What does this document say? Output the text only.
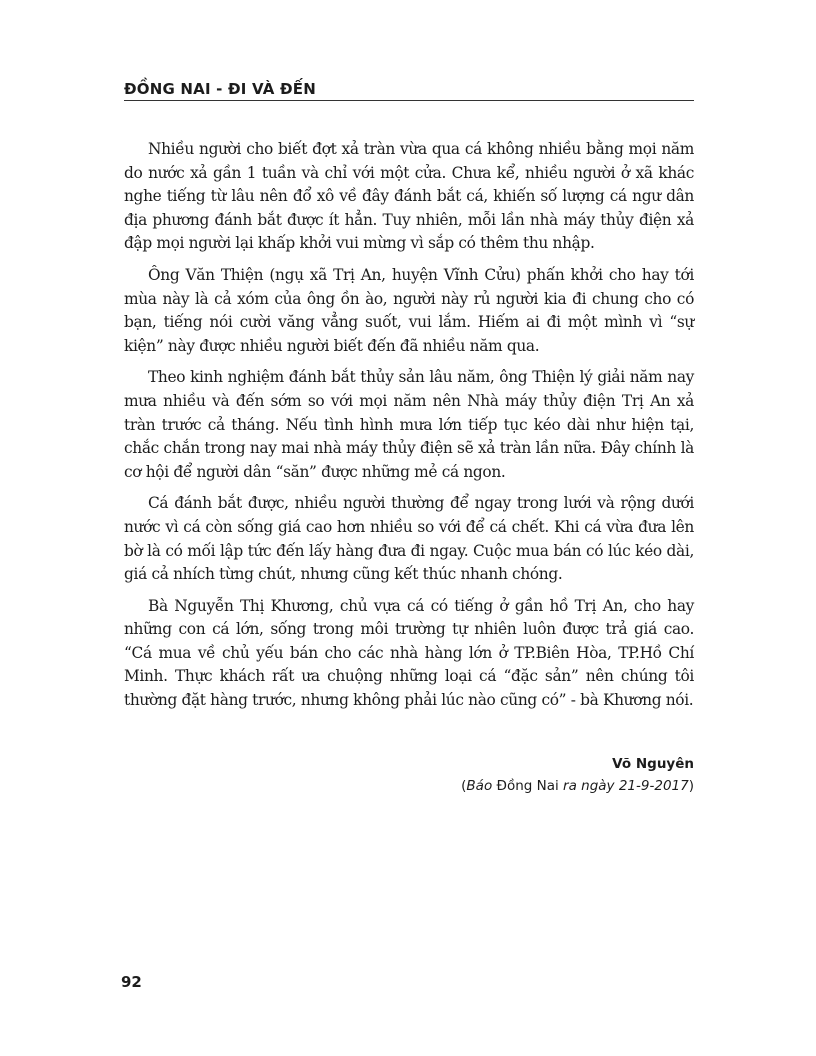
ĐỒNG NAI - ĐI VÀ ĐẾN

Nhiều người cho biết đợt xả tràn vừa qua cá không nhiều bằng mọi năm do nước xả gần 1 tuần và chỉ với một cửa. Chưa kể, nhiều người ở xã khác nghe tiếng từ lâu nên đổ xô về đây đánh bắt cá, khiến số lượng cá ngư dân địa phương đánh bắt được ít hẳn. Tuy nhiên, mỗi lần nhà máy thủy điện xả đập mọi người lại khấp khởi vui mừng vì sắp có thêm thu nhập.

Ông Văn Thiện (ngụ xã Trị An, huyện Vĩnh Cửu) phấn khởi cho hay tới mùa này là cả xóm của ông ồn ào, người này rủ người kia đi chung cho có bạn, tiếng nói cười văng vẳng suốt, vui lắm. Hiếm ai đi một mình vì “sự kiện” này được nhiều người biết đến đã nhiều năm qua.

Theo kinh nghiệm đánh bắt thủy sản lâu năm, ông Thiện lý giải năm nay mưa nhiều và đến sớm so với mọi năm nên Nhà máy thủy điện Trị An xả tràn trước cả tháng. Nếu tình hình mưa lớn tiếp tục kéo dài như hiện tại, chắc chắn trong nay mai nhà máy thủy điện sẽ xả tràn lần nữa. Đây chính là cơ hội để người dân “săn” được những mẻ cá ngon.

Cá đánh bắt được, nhiều người thường để ngay trong lưới và rộng dưới nước vì cá còn sống giá cao hơn nhiều so với để cá chết. Khi cá vừa đưa lên bờ là có mối lập tức đến lấy hàng đưa đi ngay. Cuộc mua bán có lúc kéo dài, giá cả nhích từng chút, nhưng cũng kết thúc nhanh chóng.

Bà Nguyễn Thị Khương, chủ vựa cá có tiếng ở gần hồ Trị An, cho hay những con cá lớn, sống trong môi trường tự nhiên luôn được trả giá cao. “Cá mua về chủ yếu bán cho các nhà hàng lớn ở TP.Biên Hòa, TP.Hồ Chí Minh. Thực khách rất ưa chuộng những loại cá “đặc sản” nên chúng tôi thường đặt hàng trước, nhưng không phải lúc nào cũng có” - bà Khương nói.

Võ Nguyên
(Báo Đồng Nai ra ngày 21-9-2017)
92
